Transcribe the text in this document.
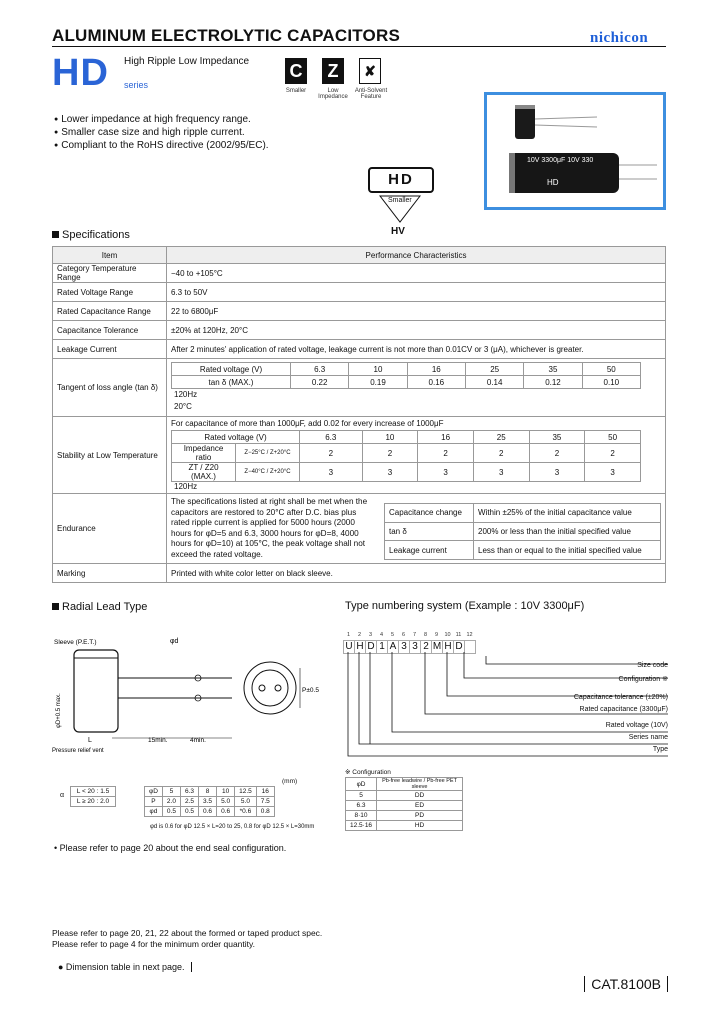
ALUMINUM ELECTROLYTIC CAPACITORS	nichicon
HD High Ripple Low Impedance
series
C	Z	✘
Smaller	Low Impedance
Anti-Solvent Feature
● Lower impedance at high frequency range.
● Smaller case size and high ripple current.
● Compliant to the RoHS directive (2002/95/EC).
10V 3300μF 10V 330
HD
HD
Smaller
HV
Specifications
Item	Performance Characteristics
Category Temperature Range	−40 to +105°C
Rated Voltage Range	6.3 to 50V
Rated Capacitance Range	22 to 6800μF
Capacitance Tolerance	±20% at 120Hz, 20°C
Leakage Current	After 2 minutes' application of rated voltage, leakage current is not more than 0.01CV or 3 (μA), whichever is greater.
Tangent of loss angle (tan δ)	Rated voltage (V)	6.3	10	16	25	35	50
tan δ (MAX.)	0.22	0.19	0.16	0.14	0.12	0.10 120Hz
20°C
Stability at Low Temperature	
For capacitance of more than 1000μF, add 0.02 for every increase of 1000μF
Rated voltage (V)	6.3	10	16	25	35	50
Impedance ratio	Z−25°C / Z+20°C	2	2	2	2	2	2
ZT / Z20 (MAX.)	Z−40°C / Z+20°C	3	3	3	3	3	3 120Hz
Endurance	
The specifications listed at right shall be met when the capacitors are restored to 20°C after D.C. bias plus rated ripple current is applied for 5000 hours (2000 hours for φD=5 and 6.3, 3000 hours for φD=8, 4000 hours for φD=10) at 105°C, the peak voltage shall not exceed the rated voltage.
Capacitance change	Within ±25% of the initial capacitance value
tan δ	200% or less than the initial specified value
Leakage current	Less than or equal to the initial specified value

Marking	Printed with white color letter on black sleeve.
Radial Lead Type
Sleeve (P.E.T.)	φd
L	15min.	4min.
Pressure relief vent
P±0.5
φD+0.5 max.
α
L < 20 : 1.5
L ≥ 20 : 2.0
(mm)
φD	5	6.3	8	10	12.5	16
P	2.0	2.5	3.5	5.0	5.0	7.5
φd	0.5	0.5	0.6	0.6	*0.6	0.8
φd is 0.6 for φD 12.5 × L=20 to 25, 0.8 for φD 12.5 × L=30mm
• Please refer to page 20 about the end seal configuration.
Type numbering system (Example : 10V 3300μF)
1	2	3	4	5	6	7	8	9	10 11 12
U H D 1 A 3 3 2 M H D
Size code
Configuration ※
Capacitance tolerance (±20%)
Rated capacitance (3300μF)
Rated voltage (10V)
Series name
Type
※ Configuration
φD	Pb-free leadwire / Pb-free PET sleeve
5	DD
6.3	ED
8·10	PD
12.5·16	HD
Please refer to page 20, 21, 22 about the formed or taped product spec.
Please refer to page 4 for the minimum order quantity.
● Dimension table in next page.
CAT.8100B
